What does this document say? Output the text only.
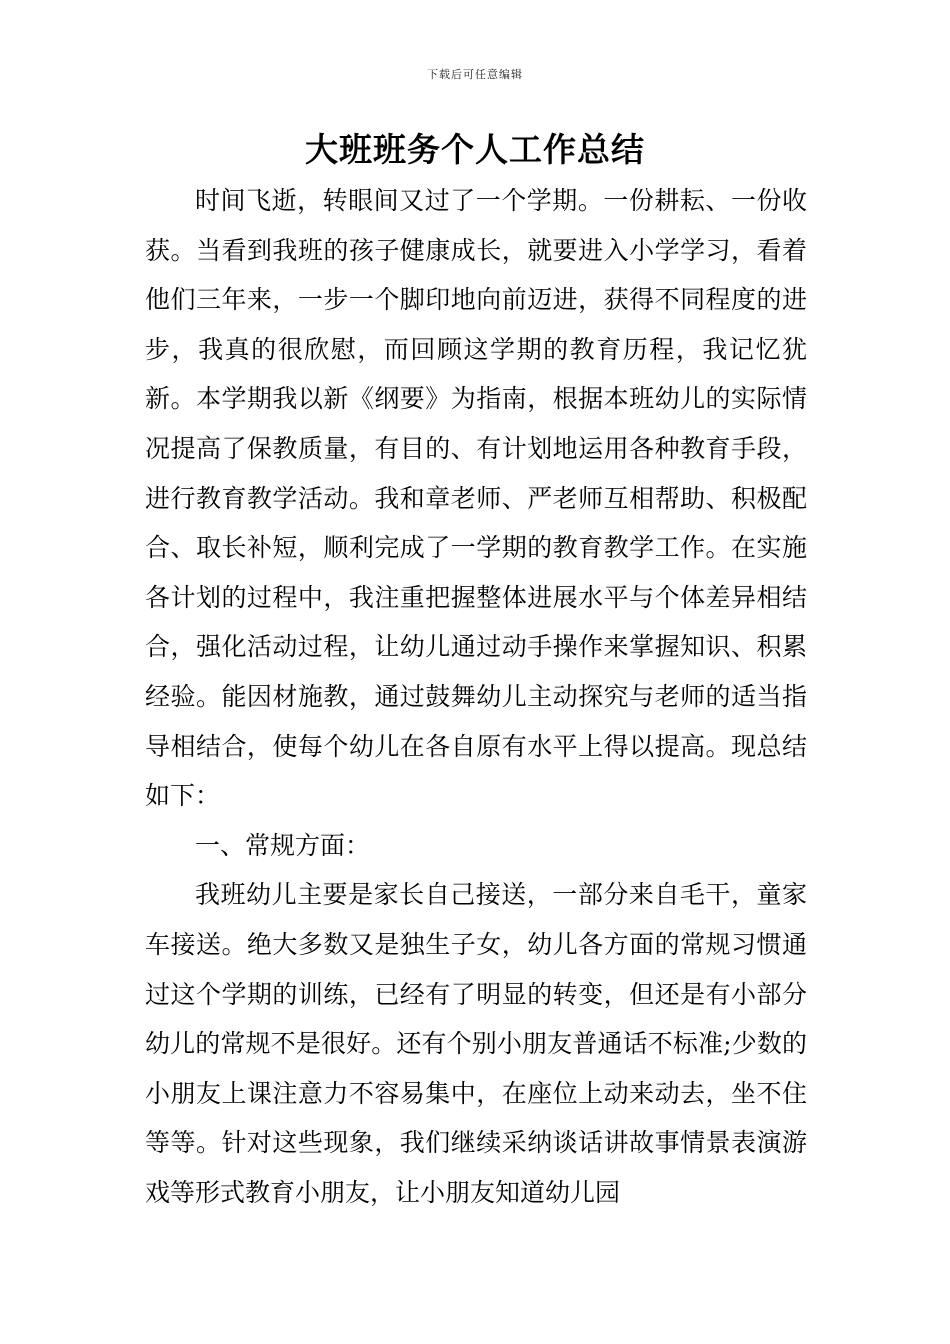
下载后可任意编辑
大班班务个人工作总结

时间飞逝，转眼间又过了一个学期。一份耕耘、一份收获。当看到我班的孩子健康成长，就要进入小学学习，看着他们三年来，一步一个脚印地向前迈进，获得不同程度的进步，我真的很欣慰，而回顾这学期的教育历程，我记忆犹新。本学期我以新《纲要》为指南，根据本班幼儿的实际情况提高了保教质量，有目的、有计划地运用各种教育手段，进行教育教学活动。我和章老师、严老师互相帮助、积极配合、取长补短，顺利完成了一学期的教育教学工作。在实施各计划的过程中，我注重把握整体进展水平与个体差异相结合，强化活动过程，让幼儿通过动手操作来掌握知识、积累经验。能因材施教，通过鼓舞幼儿主动探究与老师的适当指导相结合，使每个幼儿在各自原有水平上得以提高。现总结如下：

一、常规方面：

我班幼儿主要是家长自己接送，一部分来自毛干，童家车接送。绝大多数又是独生子女，幼儿各方面的常规习惯通过这个学期的训练，已经有了明显的转变，但还是有小部分幼儿的常规不是很好。还有个别小朋友普通话不标准;少数的小朋友上课注意力不容易集中，在座位上动来动去，坐不住等等。针对这些现象，我们继续采纳谈话讲故事情景表演游戏等形式教育小朋友，让小朋友知道幼儿园
